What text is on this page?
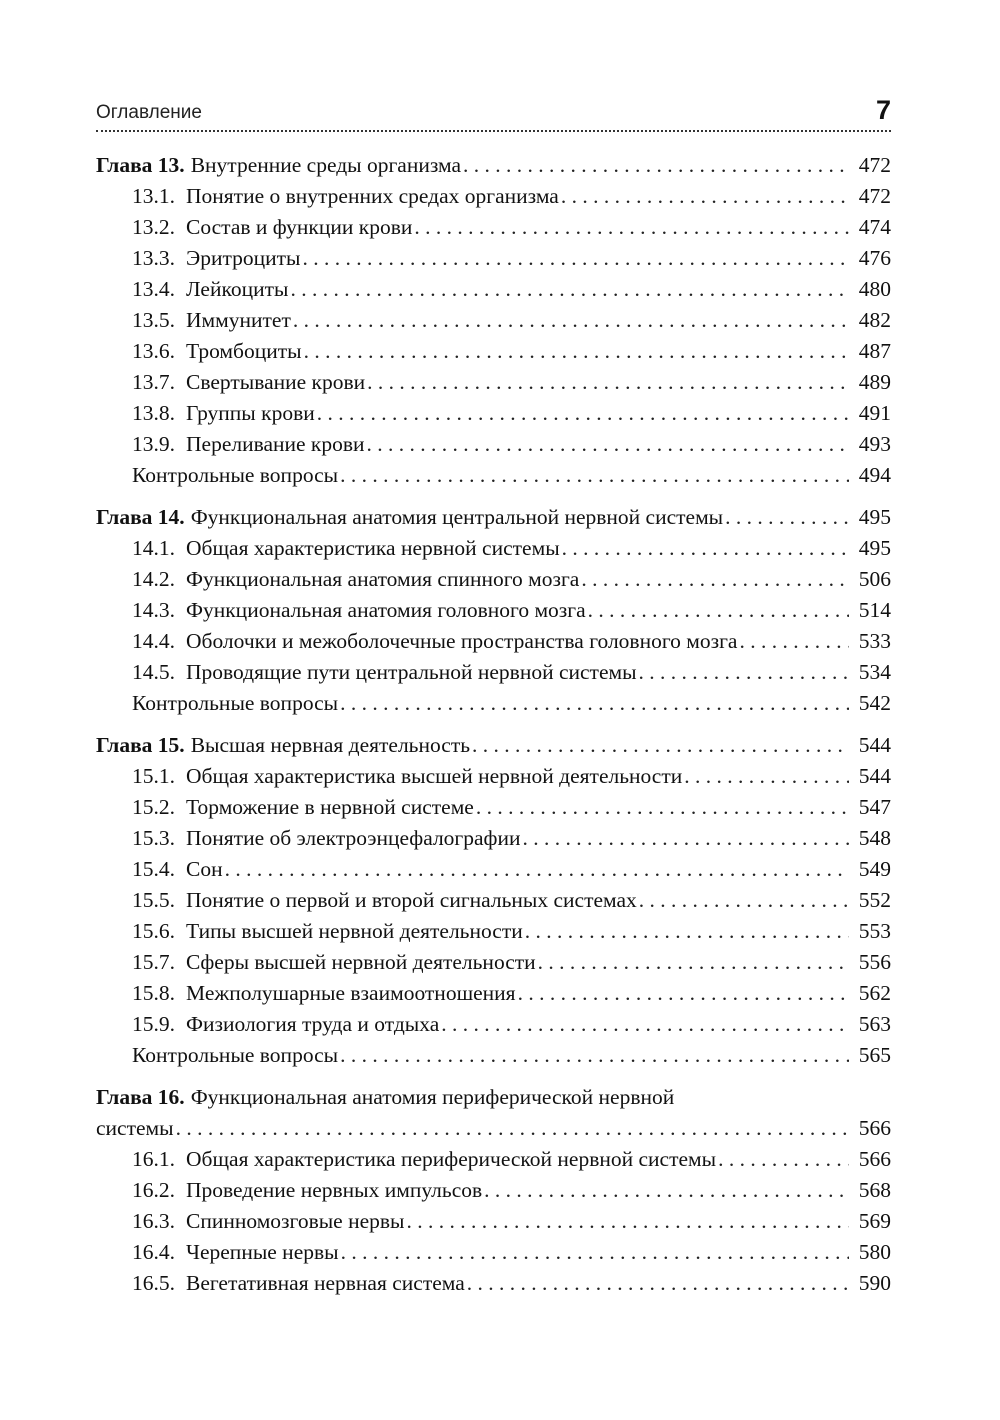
Оглавление	7
Глава 13. Внутренние среды организма . . .	472
13.1. Понятие о внутренних средах организма . . .	472
13.2. Состав и функции крови . . .	474
13.3. Эритроциты . . .	476
13.4. Лейкоциты . . .	480
13.5. Иммунитет . . .	482
13.6. Тромбоциты . . .	487
13.7. Свертывание крови . . .	489
13.8. Группы крови . . .	491
13.9. Переливание крови . . .	493
Контрольные вопросы . . .	494
Глава 14. Функциональная анатомия центральной нервной системы . . .	495
14.1. Общая характеристика нервной системы . . .	495
14.2. Функциональная анатомия спинного мозга . . .	506
14.3. Функциональная анатомия головного мозга . . .	514
14.4. Оболочки и межоболочечные пространства головного мозга . . .	533
14.5. Проводящие пути центральной нервной системы . . .	534
Контрольные вопросы . . .	542
Глава 15. Высшая нервная деятельность . . .	544
15.1. Общая характеристика высшей нервной деятельности . . .	544
15.2. Торможение в нервной системе . . .	547
15.3. Понятие об электроэнцефалографии . . .	548
15.4. Сон . . .	549
15.5. Понятие о первой и второй сигнальных системах . . .	552
15.6. Типы высшей нервной деятельности . . .	553
15.7. Сферы высшей нервной деятельности . . .	556
15.8. Межполушарные взаимоотношения . . .	562
15.9. Физиология труда и отдыха . . .	563
Контрольные вопросы . . .	565
Глава 16. Функциональная анатомия периферической нервной
системы . . .	566
16.1. Общая характеристика периферической нервной системы . . .	566
16.2. Проведение нервных импульсов . . .	568
16.3. Спинномозговые нервы . . .	569
16.4. Черепные нервы . . .	580
16.5. Вегетативная нервная система . . .	590
